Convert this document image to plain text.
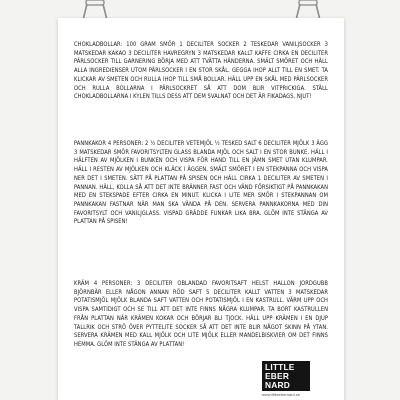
CHOKLADBOLLAR: 100 GRAM SMÖR 1 DECILITER SOCKER 2 TESKEDAR VANILJSOCKER 3 MATSKEDAR KAKAO 3 DECILITER HAVREGRYN 3 MATSKEDAR KALLT KAFFE CIRKA EN DECILITER PÄRLSOCKER TILL GARNERING BÖRJA MED ATT TVÄTTA HÄNDERNA. SMÄLT SMÖRET OCH HÄLL ALLA INGREDIENSER UTOM PÄRLSOCKER I EN STOR SKÅL. GEGGA IHOP ALLT TILL EN SMET. TA KLICKAR AV SMETEN OCH RULLA IHOP TILL SMÅ BOLLAR. HÄLL UPP EN SKÅL MED PÄRLSOCKER OCH RULLA BOLLARNA I PÄRLSOCKRET SÅ ATT DOM BLIR VITPRICKIGA. STÄLL CHOKLADBOLLARNA I KYLEN TILLS DESS ATT DEM SVALNAT OCH DET ÄR FIKADAGS. NJUT!

PANNKAKOR 4 PERSONER: 2 ½ DECILITER VETEMJÖL ½ TESKED SALT 6 DECILITER MJÖLK 3 ÄGG 3 MATSKEDAR SMÖR FAVORITSYLTEN GLASS BLANDA MJÖL OCH SALT I EN STOR BUNKE. HÄLL I HÄLFTEN AV MJÖLKEN I BUNKEN OCH VISPA FÖR HAND TILL EN JÄMN SMET UTAN KLUMPAR. HÄLL I RESTEN AV MJÖLKEN OCH KLÄCK I ÄGGEN. SMÄLT SMÖRET I EN STEKPANNA OCH VISPA NER DET I SMETEN. SÄTT PÅ PLATTAN PÅ SPISEN OCH HÄLL CIRKA 1 DECILITER AV SMETEN I PANNAN. HÄLL, KOLLA SÅ ATT DET INTE BRÄNNER FAST OCH VÄND FÖRSIKTIGT PÅ PANNKAKAN MED EN STEKSPADE EFTER CIRKA EN MINUT. KLICKA I LITE MER SMÖR I STEKPANNAN OM PANNKAKAN FASTNAR NÄR MAN SKA VÄNDA PÅ DEN. SERVERA PANNKAKORNA MED DIN FAVORITSYLT OCH VANILJGLASS. VISPAD GRÄDDE FUNKAR LIKA BRA. GLÖM INTE STÄNGA AV PLATTAN PÅ SPISEN!

KRÄM 4 PERSONER: 3 DECILITER OBLANDAD FAVORITSAFT HELST HALLON JORDGUBB BJÖRNBÄR ELLER NÅGON ANNAN RÖD SAFT 5 DECILITER KALLT VATTEN 3 MATSKEDAR POTATISMJÖL MJÖLK BLANDA SAFT VATTEN OCH POTATISMJÖL I EN KASTRULL. VÄRM UPP OCH VISPA SAMTIDIGT OCH SE TILL ATT DET INTE FINNS NÅGRA KLUMPAR. TA BORT KASTRULLEN FRÅN PLATTAN NÄR KRÄMEN KOKAR OCH BÖRJAR BLI TJOCK. HÄLL UPP KRÄMEN I EN DJUP TALLRIK OCH STRÖ ÖVER PYTTELITE SOCKER SÅ ATT DET INTE BLIR NÅGOT SKINN PÅ YTAN. SERVERA KRÄMEN MED KALL MJÖLK OCH LITE MJÖLK ELLER MANDELBISKVIER OM DET FINNS HEMMA. GLÖM INTE STÄNGA AV PLATTAN!

LITTLE
EBER
NARD
www.littleebernard.se
